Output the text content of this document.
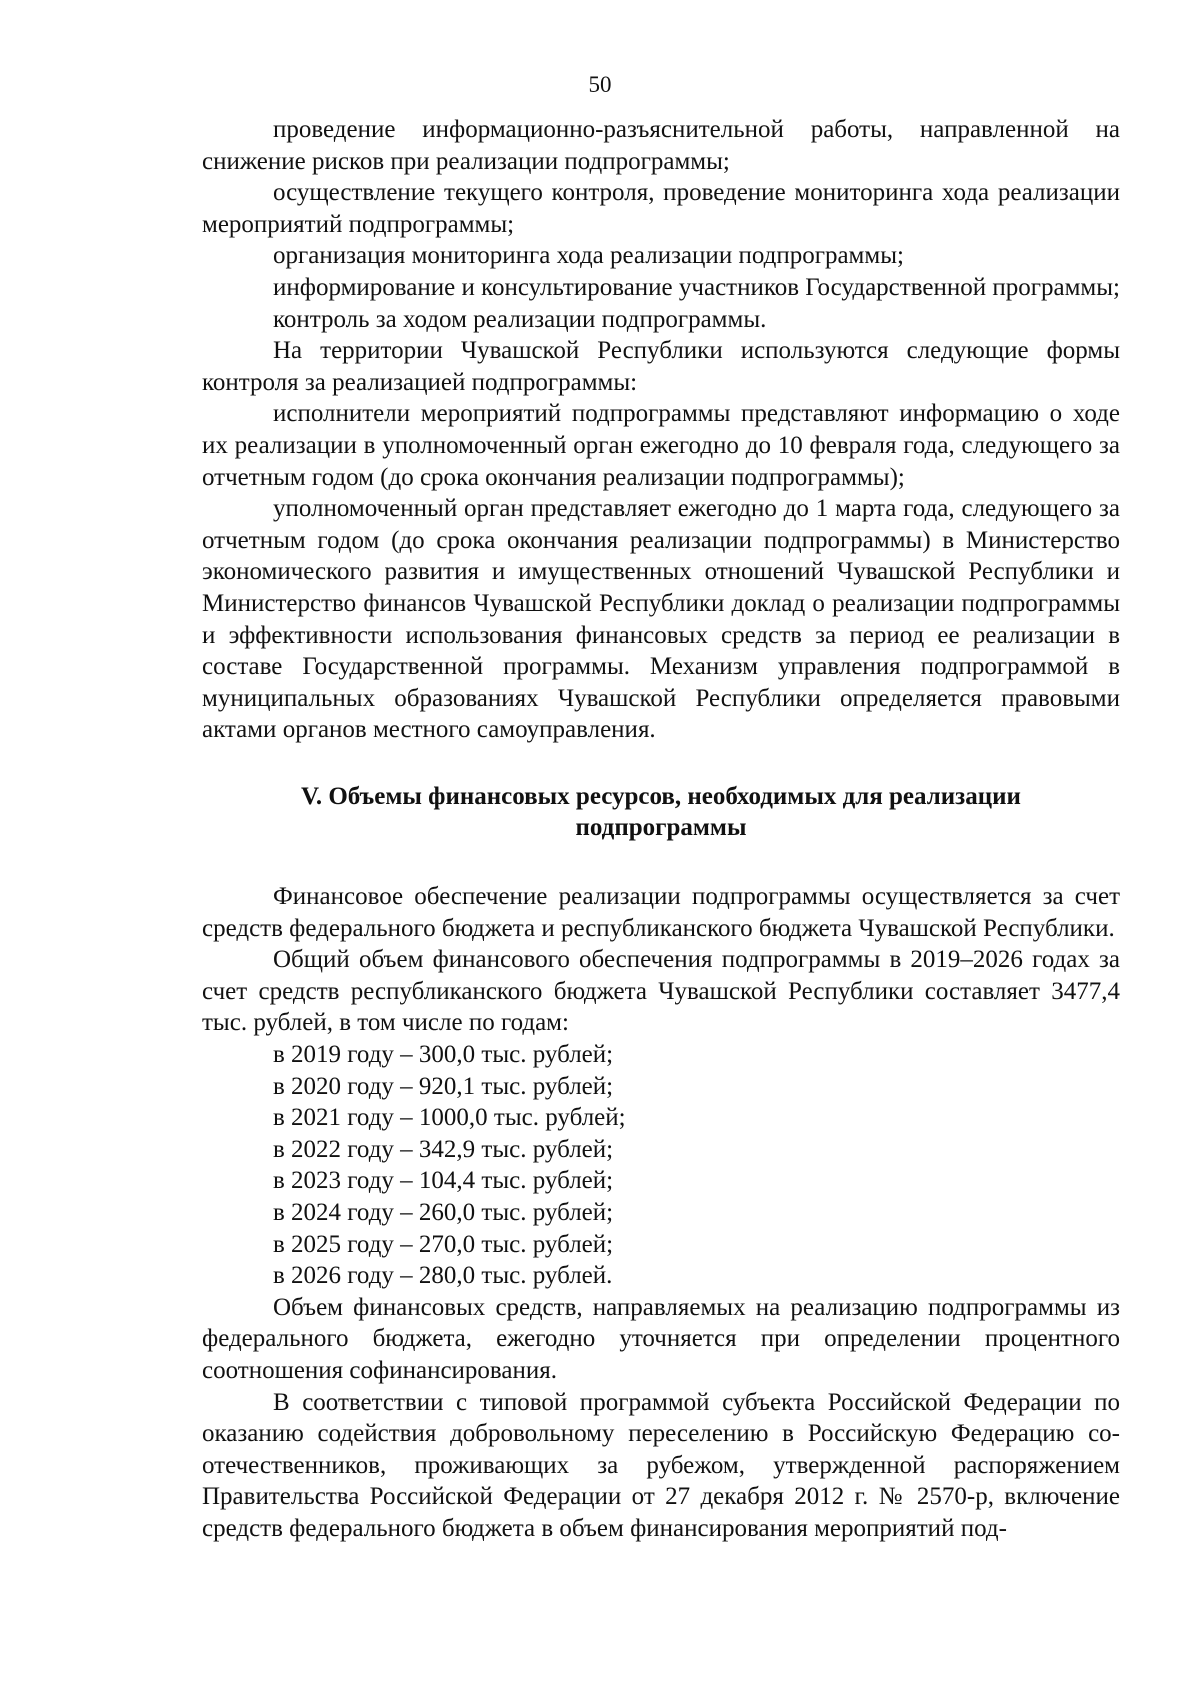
50

проведение информационно-разъяснительной работы, направленной на снижение рисков при реализации подпрограммы;

осуществление текущего контроля, проведение мониторинга хода реализации мероприятий подпрограммы;

организация мониторинга хода реализации подпрограммы;

информирование и консультирование участников Государственной программы;

контроль за ходом реализации подпрограммы.

На территории Чувашской Республики используются следующие формы контроля за реализацией подпрограммы:

исполнители мероприятий подпрограммы представляют информацию о ходе их реализации в уполномоченный орган ежегодно до 10 февраля года, следующего за отчетным годом (до срока окончания реализации подпрограммы);

уполномоченный орган представляет ежегодно до 1 марта года, следующего за отчетным годом (до срока окончания реализации подпрограммы) в Министерство экономического развития и имущественных отношений Чувашской Республики и Министерство финансов Чувашской Республики доклад о реализации подпрограммы и эффективности использования финансовых средств за период ее реализации в составе Государственной программы. Механизм управления подпрограммой в муниципальных образованиях Чувашской Республики определяется правовыми актами органов местного самоуправления.

V. Объемы финансовых ресурсов, необходимых для реализации подпрограммы

Финансовое обеспечение реализации подпрограммы осуществляется за счет средств федерального бюджета и республиканского бюджета Чувашской Республики.

Общий объем финансового обеспечения подпрограммы в 2019–2026 годах за счет средств республиканского бюджета Чувашской Республики составляет 3477,4 тыс. рублей, в том числе по годам:

в 2019 году – 300,0 тыс. рублей;
в 2020 году – 920,1 тыс. рублей;
в 2021 году – 1000,0 тыс. рублей;
в 2022 году – 342,9 тыс. рублей;
в 2023 году – 104,4 тыс. рублей;
в 2024 году – 260,0 тыс. рублей;
в 2025 году – 270,0 тыс. рублей;
в 2026 году – 280,0 тыс. рублей.

Объем финансовых средств, направляемых на реализацию подпрограммы из федерального бюджета, ежегодно уточняется при определении процентного соотношения софинансирования.

В соответствии с типовой программой субъекта Российской Федерации по оказанию содействия добровольному переселению в Российскую Федерацию соотечественников, проживающих за рубежом, утвержденной распоряжением Правительства Российской Федерации от 27 декабря 2012 г. № 2570-р, включение средств федерального бюджета в объем финансирования мероприятий под-
